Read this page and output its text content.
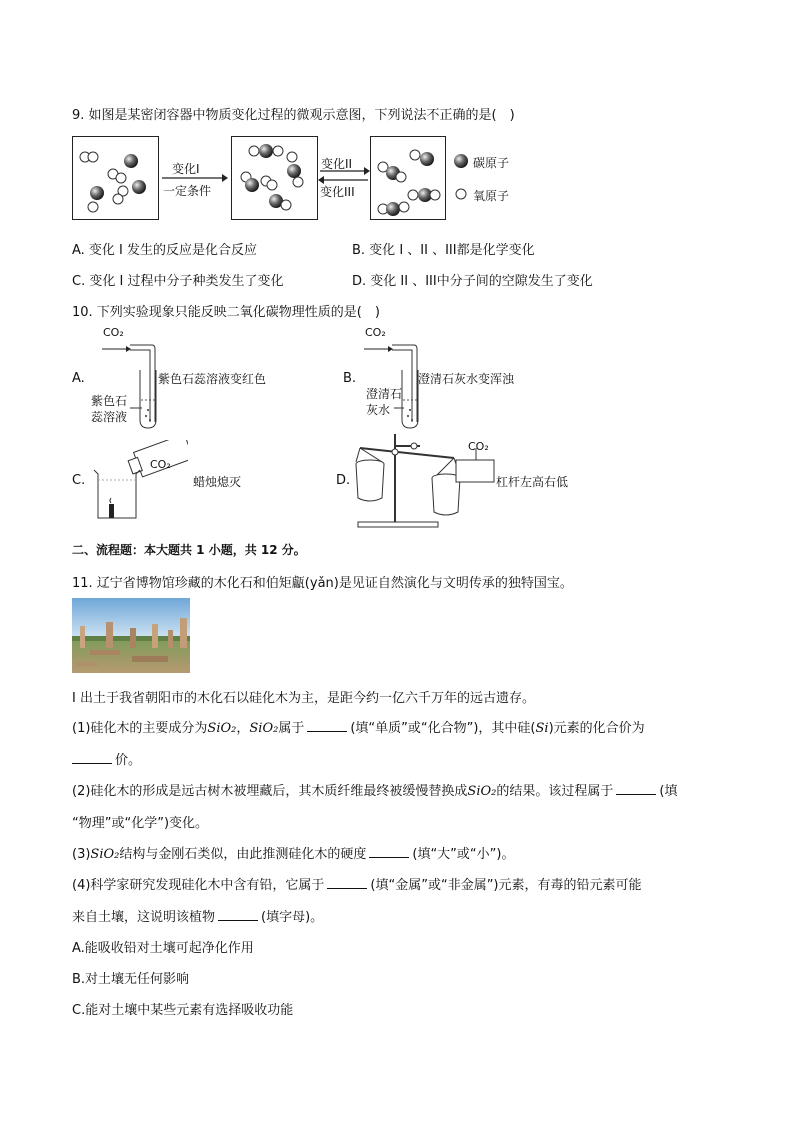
9. 如图是某密闭容器中物质变化过程的微观示意图，下列说法不正确的是(　)
变化I
一定条件
变化II
变化III
碳原子
氧原子
A. 变化 I 发生的反应是化合反应	B. 变化 I 、II 、III都是化学变化
C. 变化 I 过程中分子种类发生了变化	D. 变化 II 、III中分子间的空隙发生了变化
10. 下列实验现象只能反映二氧化碳物理性质的是(　)
A.
CO₂
紫色石蕊溶液变红色
紫色石
蕊溶液
B.
CO₂
澄清石灰水变浑浊
澄清石
灰水
C.
CO₂
蜡烛熄灭	D.
CO₂
杠杆左高右低
二、流程题：本大题共 1 小题，共 12 分。
11. 辽宁省博物馆珍藏的木化石和伯矩甗(yǎn)是见证自然演化与文明传承的独特国宝。
I 出土于我省朝阳市的木化石以硅化木为主，是距今约一亿六千万年的远古遗存。
(1)硅化木的主要成分为SiO₂，SiO₂属于	(填“单质”或“化合物”)，其中硅(Si)元素的化合价为
价。
(2)硅化木的形成是远古树木被埋藏后，其木质纤维最终被缓慢替换成SiO₂的结果。该过程属于	(填
“物理”或“化学”)变化。
(3)SiO₂结构与金刚石类似，由此推测硅化木的硬度	(填“大”或“小”)。
(4)科学家研究发现硅化木中含有铅，它属于	(填“金属”或“非金属”)元素，有毒的铅元素可能
来自土壤，这说明该植物	(填字母)。
A.能吸收铅对土壤可起净化作用
B.对土壤无任何影响
C.能对土壤中某些元素有选择吸收功能
